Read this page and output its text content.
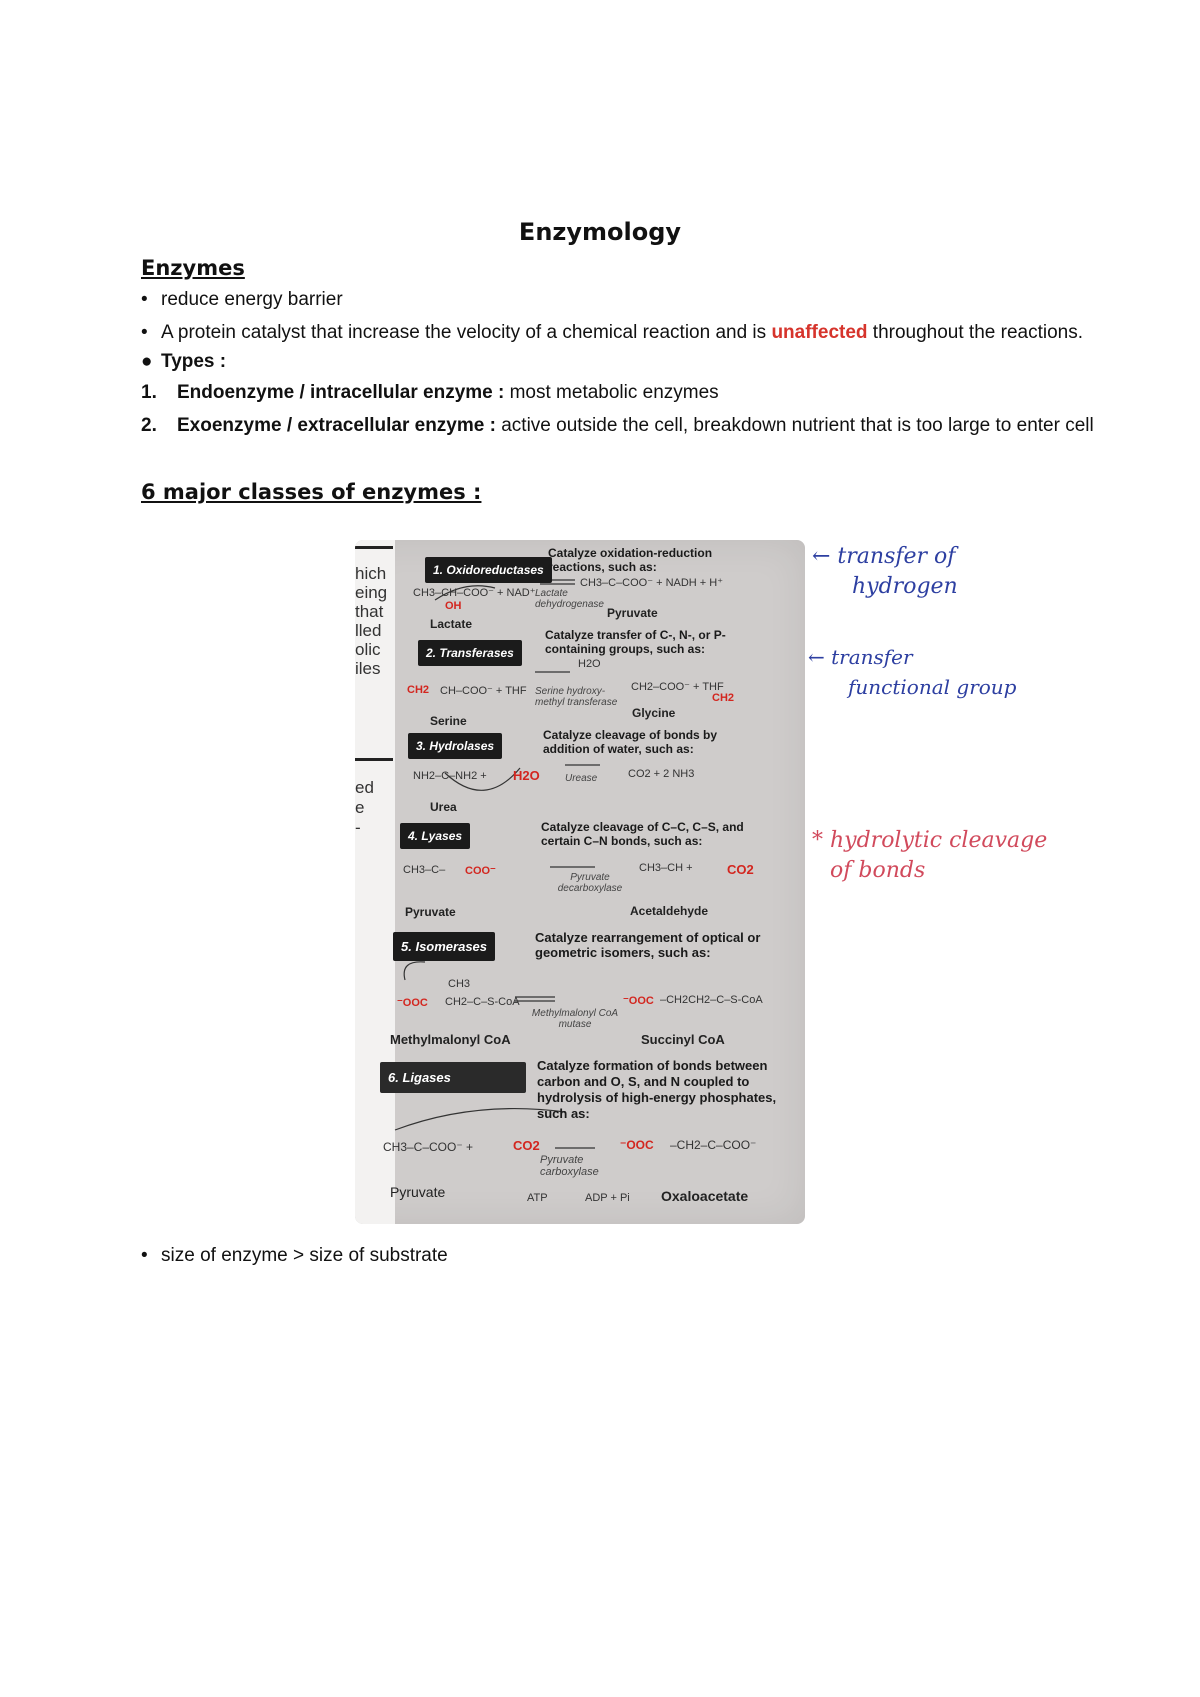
Enzymology
Enzymes
• reduce energy barrier
• A protein catalyst that increase the velocity of a chemical reaction and is unaffected throughout the reactions.
● Types :
1. Endoenzyme / intracellular enzyme : most metabolic enzymes
2. Exoenzyme / extracellular enzyme : active outside the cell, breakdown nutrient that is too large to enter cell
6 major classes of enzymes :
hich
eing
that
lled
olic
iles
ed
e
-
1. Oxidoreductases
Catalyze oxidation-reduction reactions, such as:
CH3–CH–COO⁻ + NAD⁺
OH
CH3–C–COO⁻ + NADH + H⁺
Lactate dehydrogenase
Lactate
Pyruvate
2. Transferases
Catalyze transfer of C-, N-, or P-containing groups, such as:
H2O
CH2 CH–COO⁻ + THF	CH2–COO⁻ + THF
CH2
Serine hydroxy-methyl transferase
Serine
Glycine
3. Hydrolases
Catalyze cleavage of bonds by addition of water, such as:
NH2–C–NH2 + H2O	CO2 + 2 NH3
Urease
Urea
4. Lyases
Catalyze cleavage of C–C, C–S, and certain C–N bonds, such as:
CH3–C– COO⁻	CH3–CH +	CO2
Pyruvate decarboxylase
Pyruvate	Acetaldehyde
5. Isomerases
Catalyze rearrangement of optical or geometric isomers, such as:
CH3
⁻OOC CH2–C–S-CoA	⁻OOC –CH2CH2–C–S-CoA
Methylmalonyl CoA mutase
Methylmalonyl CoA	Succinyl CoA
6. Ligases
Catalyze formation of bonds between carbon and O, S, and N coupled to hydrolysis of high-energy phosphates, such as:
CH3–C–COO⁻ +	CO2	⁻OOC –CH2–C–COO⁻
Pyruvate carboxylase
ATP	ADP + Pi
Pyruvate	Oxaloacetate
← transfer of
hydrogen
← transfer
functional group
* hydrolytic cleavage
of bonds
• size of enzyme > size of substrate
